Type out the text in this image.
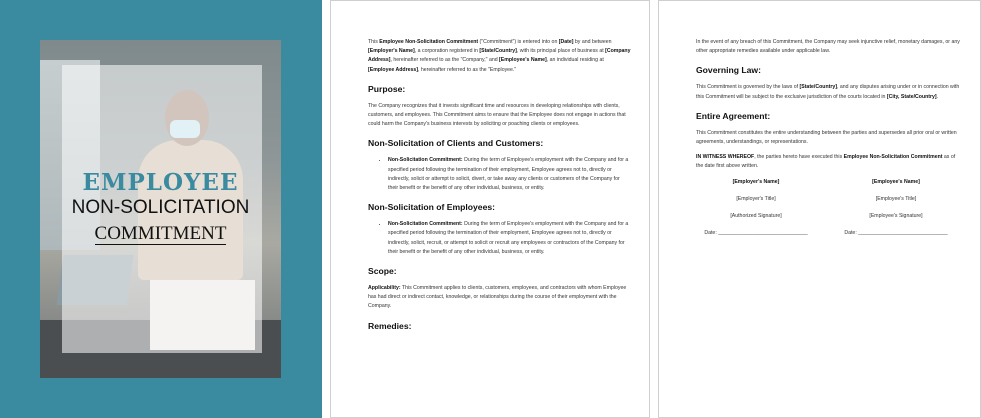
EMPLOYEE
NON-SOLICITATION
COMMITMENT

This Employee Non-Solicitation Commitment ("Commitment") is entered into on [Date] by and between [Employer's Name], a corporation registered in [State/Country], with its principal place of business at [Company Address], hereinafter referred to as the "Company," and [Employee's Name], an individual residing at [Employee Address], hereinafter referred to as the "Employee."

Purpose:

The Company recognizes that it invests significant time and resources in developing relationships with clients, customers, and employees. This Commitment aims to ensure that the Employee does not engage in actions that could harm the Company's business interests by soliciting or poaching clients or employees.

Non-Solicitation of Clients and Customers:
• Non-Solicitation Commitment: During the term of Employee's employment with the Company and for a specified period following the termination of their employment, Employee agrees not to, directly or indirectly, solicit or attempt to solicit, divert, or take away any clients or customers of the Company for their benefit or the benefit of any other individual, business, or entity.
Non-Solicitation of Employees:
• Non-Solicitation Commitment: During the term of Employee's employment with the Company and for a specified period following the termination of their employment, Employee agrees not to, directly or indirectly, solicit, recruit, or attempt to solicit or recruit any employees or contractors of the Company for their benefit or the benefit of any other individual, business, or entity.
Scope:

Applicability: This Commitment applies to clients, customers, employees, and contractors with whom Employee has had direct or indirect contact, knowledge, or relationships during the course of their employment with the Company.

Remedies:

In the event of any breach of this Commitment, the Company may seek injunctive relief, monetary damages, or any other appropriate remedies available under applicable law.

Governing Law:

This Commitment is governed by the laws of [State/Country], and any disputes arising under or in connection with this Commitment will be subject to the exclusive jurisdiction of the courts located in [City, State/Country].

Entire Agreement:

This Commitment constitutes the entire understanding between the parties and supersedes all prior oral or written agreements, understandings, or representations.

IN WITNESS WHEREOF, the parties hereto have executed this Employee Non-Solicitation Commitment as of the date first above written.

[Employer's Name]	[Employee's Name]
[Employer's Title]	[Employee's Title]
[Authorized Signature]	[Employee's Signature]
Date: _______________________________	Date: _______________________________
